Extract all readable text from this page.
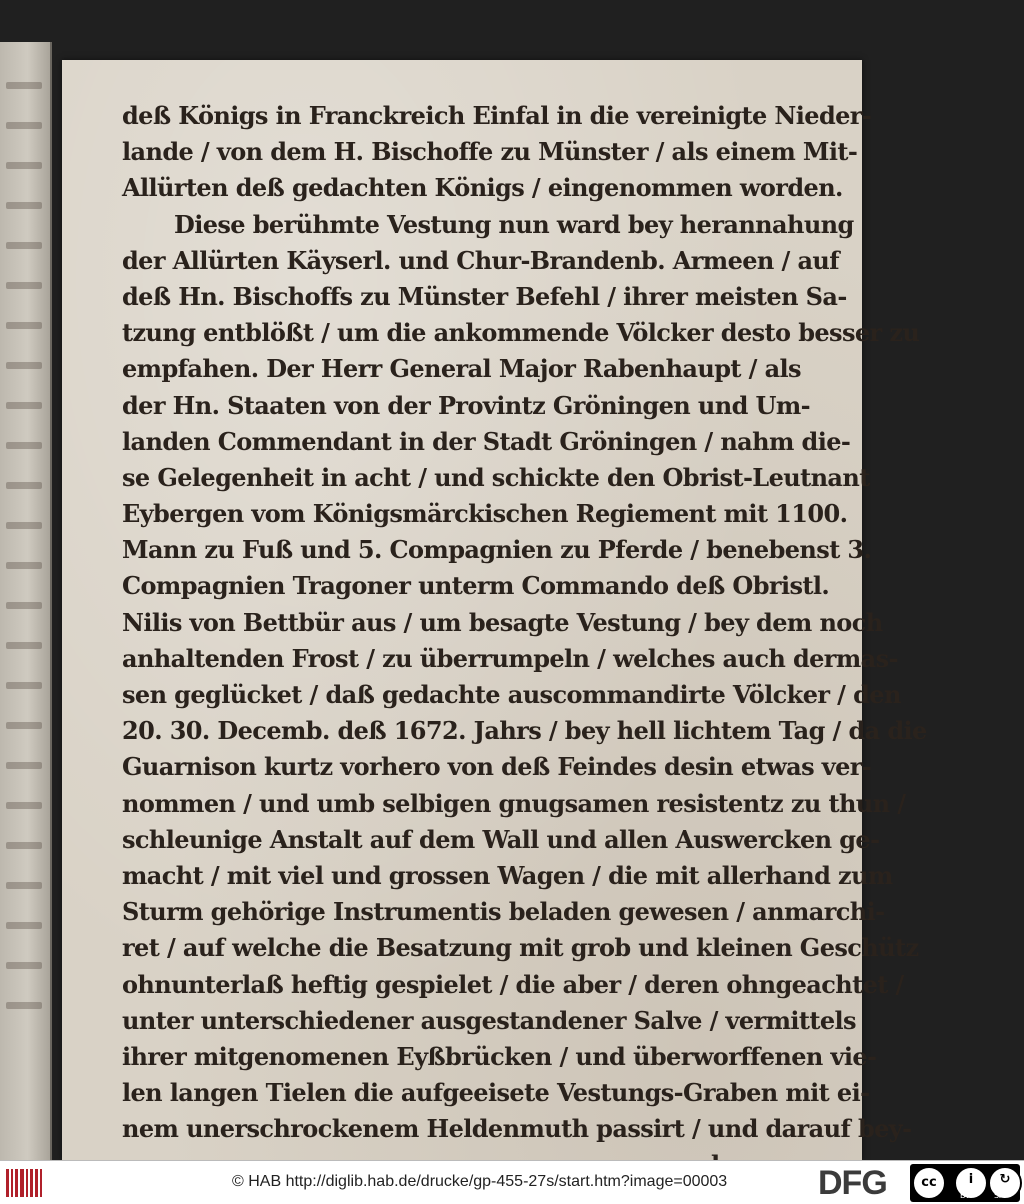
deß Königs in Franckreich Einfal in die vereinigte Nieder-
lande / von dem H. Bischoffe zu Münster / als einem Mit-
Allürten deß gedachten Königs / eingenommen worden.
Diese berühmte Vestung nun ward bey herannahung
der Allürten Käyserl. und Chur-Brandenb. Armeen / auf
deß Hn. Bischoffs zu Münster Befehl / ihrer meisten Sa-
tzung entblößt / um die ankommende Völcker desto besser zu
empfahen. Der Herr General Major Rabenhaupt / als
der Hn. Staaten von der Provintz Gröningen und Um-
landen Commendant in der Stadt Gröningen / nahm die-
se Gelegenheit in acht / und schickte den Obrist-Leutnant
Eybergen vom Königsmärckischen Regiement mit 1100.
Mann zu Fuß und 5. Compagnien zu Pferde / benebenst 3.
Compagnien Tragoner unterm Commando deß Obristl.
Nilis von Bettbür aus / um besagte Vestung / bey dem noch
anhaltenden Frost / zu überrumpeln / welches auch dermas-
sen geglücket / daß gedachte auscommandirte Völcker / den
20. 30. Decemb. deß 1672. Jahrs / bey hell lichtem Tag / da die
Guarnison kurtz vorhero von deß Feindes desin etwas ver-
nommen / und umb selbigen gnugsamen resistentz zu thun /
schleunige Anstalt auf dem Wall und allen Auswercken ge-
macht / mit viel und grossen Wagen / die mit allerhand zum
Sturm gehörige Instrumentis beladen gewesen / anmarchi-
ret / auf welche die Besatzung mit grob und kleinen Geschütz
ohnunterlaß heftig gespielet / die aber / deren ohngeachtet /
unter unterschiedener ausgestandener Salve / vermittels
ihrer mitgenomenen Eyßbrücken / und überworffenen vie-
len langen Tielen die aufgeeisete Vestungs-Graben mit ei-
nem unerschrockenem Heldenmuth passirt / und darauf bey-
© HAB http://diglib.hab.de/drucke/gp-455-27s/start.htm?image=00003	DFG	cc	i	↻
BY	SA
